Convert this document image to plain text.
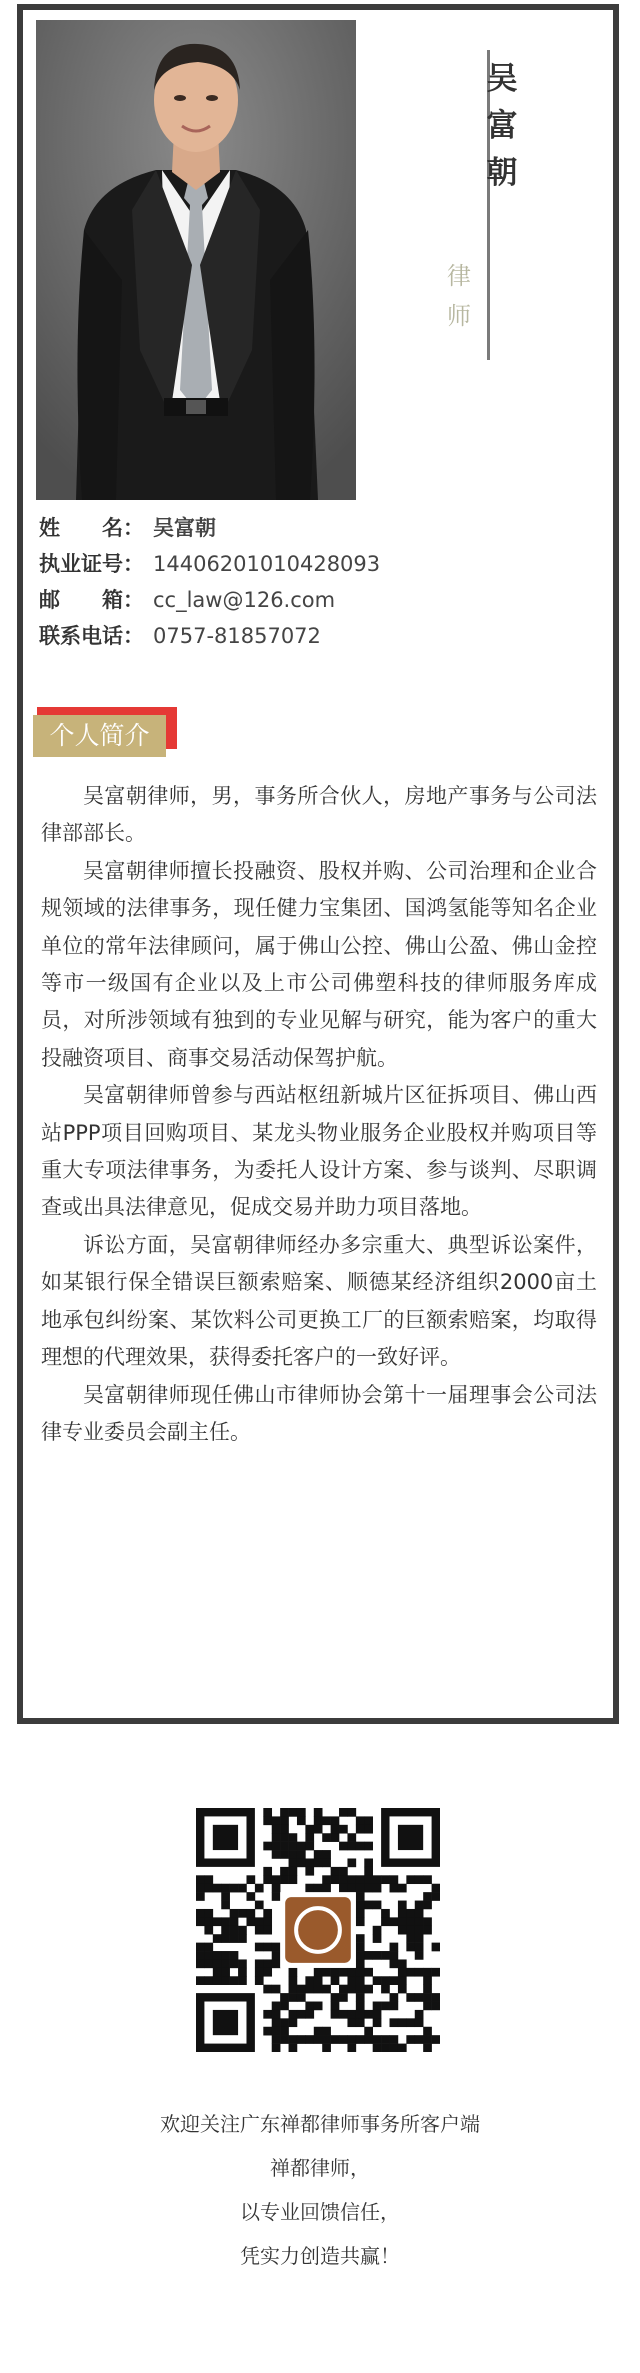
吴
富
朝
律
师
姓　　名： 吴富朝
执业证号： 14406201010428093
邮　　箱： cc_law@126.com
联系电话： 0757-81857072
个人简介

吴富朝律师，男，事务所合伙人，房地产事务与公司法律部部长。

吴富朝律师擅长投融资、股权并购、公司治理和企业合规领域的法律事务，现任健力宝集团、国鸿氢能等知名企业单位的常年法律顾问，属于佛山公控、佛山公盈、佛山金控等市一级国有企业以及上市公司佛塑科技的律师服务库成员，对所涉领域有独到的专业见解与研究，能为客户的重大投融资项目、商事交易活动保驾护航。

吴富朝律师曾参与西站枢纽新城片区征拆项目、佛山西站PPP项目回购项目、某龙头物业服务企业股权并购项目等重大专项法律事务，为委托人设计方案、参与谈判、尽职调查或出具法律意见，促成交易并助力项目落地。

诉讼方面，吴富朝律师经办多宗重大、典型诉讼案件，如某银行保全错误巨额索赔案、顺德某经济组织2000亩土地承包纠纷案、某饮料公司更换工厂的巨额索赔案，均取得理想的代理效果，获得委托客户的一致好评。

吴富朝律师现任佛山市律师协会第十一届理事会公司法律专业委员会副主任。

欢迎关注广东禅都律师事务所客户端
禅都律师，
以专业回馈信任，
凭实力创造共赢！
